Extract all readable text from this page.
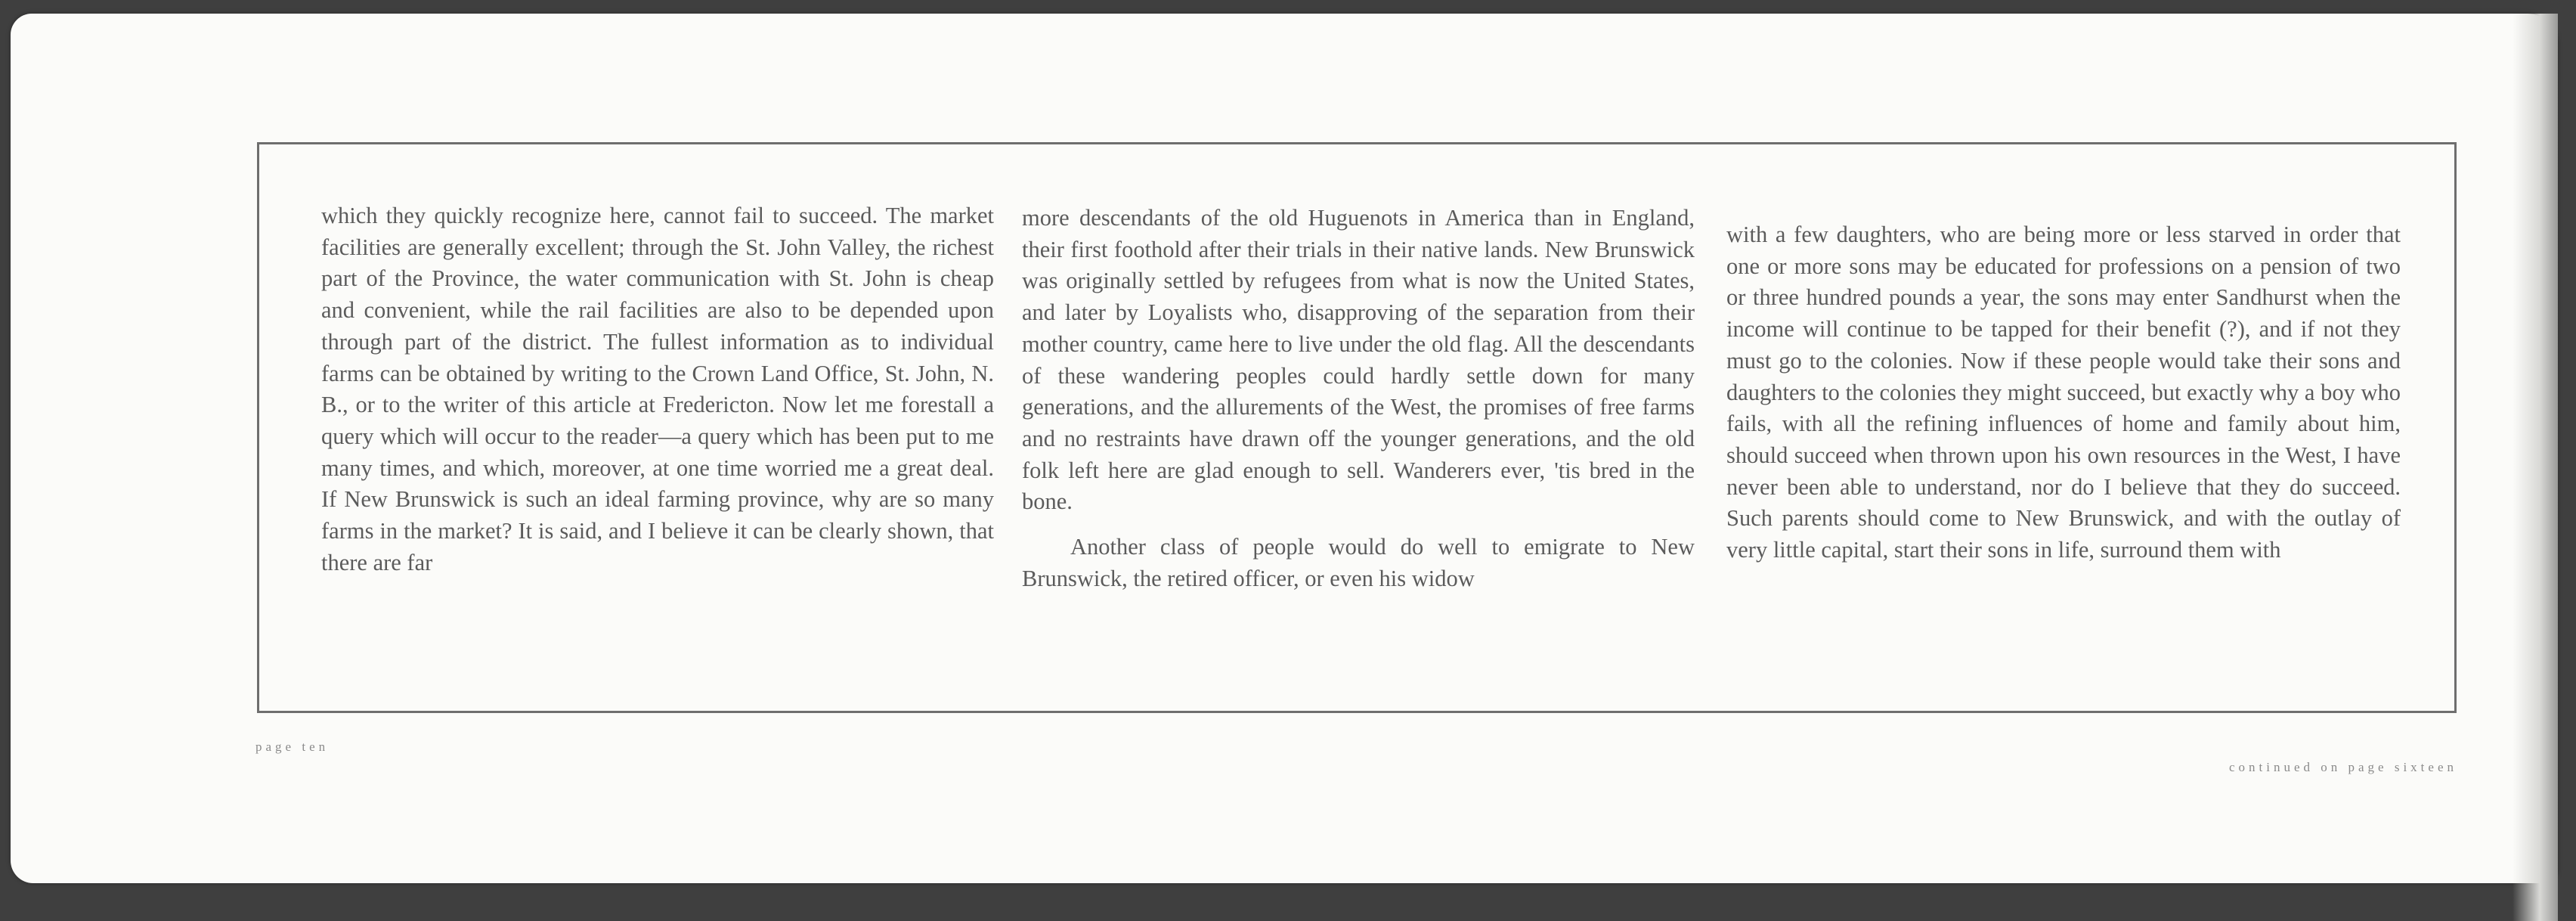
which they quickly recognize here, cannot fail to succeed. The market facilities are generally excellent; through the St. John Valley, the richest part of the Province, the water communication with St. John is cheap and convenient, while the rail facilities are also to be depended upon through part of the district. The fullest information as to individual farms can be obtained by writing to the Crown Land Office, St. John, N. B., or to the writer of this article at Fredericton. Now let me forestall a query which will occur to the reader—a query which has been put to me many times, and which, moreover, at one time worried me a great deal. If New Brunswick is such an ideal farming province, why are so many farms in the market? It is said, and I believe it can be clearly shown, that there are far

more descendants of the old Huguenots in America than in England, their first foothold after their trials in their native lands. New Brunswick was originally settled by refugees from what is now the United States, and later by Loyalists who, disapproving of the separation from their mother country, came here to live under the old flag. All the descendants of these wandering peoples could hardly settle down for many generations, and the allurements of the West, the promises of free farms and no restraints have drawn off the younger generations, and the old folk left here are glad enough to sell. Wanderers ever, 'tis bred in the bone.

Another class of people would do well to emigrate to New Brunswick, the retired officer, or even his widow

with a few daughters, who are being more or less starved in order that one or more sons may be educated for professions on a pension of two or three hundred pounds a year, the sons may enter Sandhurst when the income will continue to be tapped for their benefit (?), and if not they must go to the colonies. Now if these people would take their sons and daughters to the colonies they might succeed, but exactly why a boy who fails, with all the refining influences of home and family about him, should succeed when thrown upon his own resources in the West, I have never been able to understand, nor do I believe that they do succeed. Such parents should come to New Brunswick, and with the outlay of very little capital, start their sons in life, surround them with

page ten
continued on page sixteen
